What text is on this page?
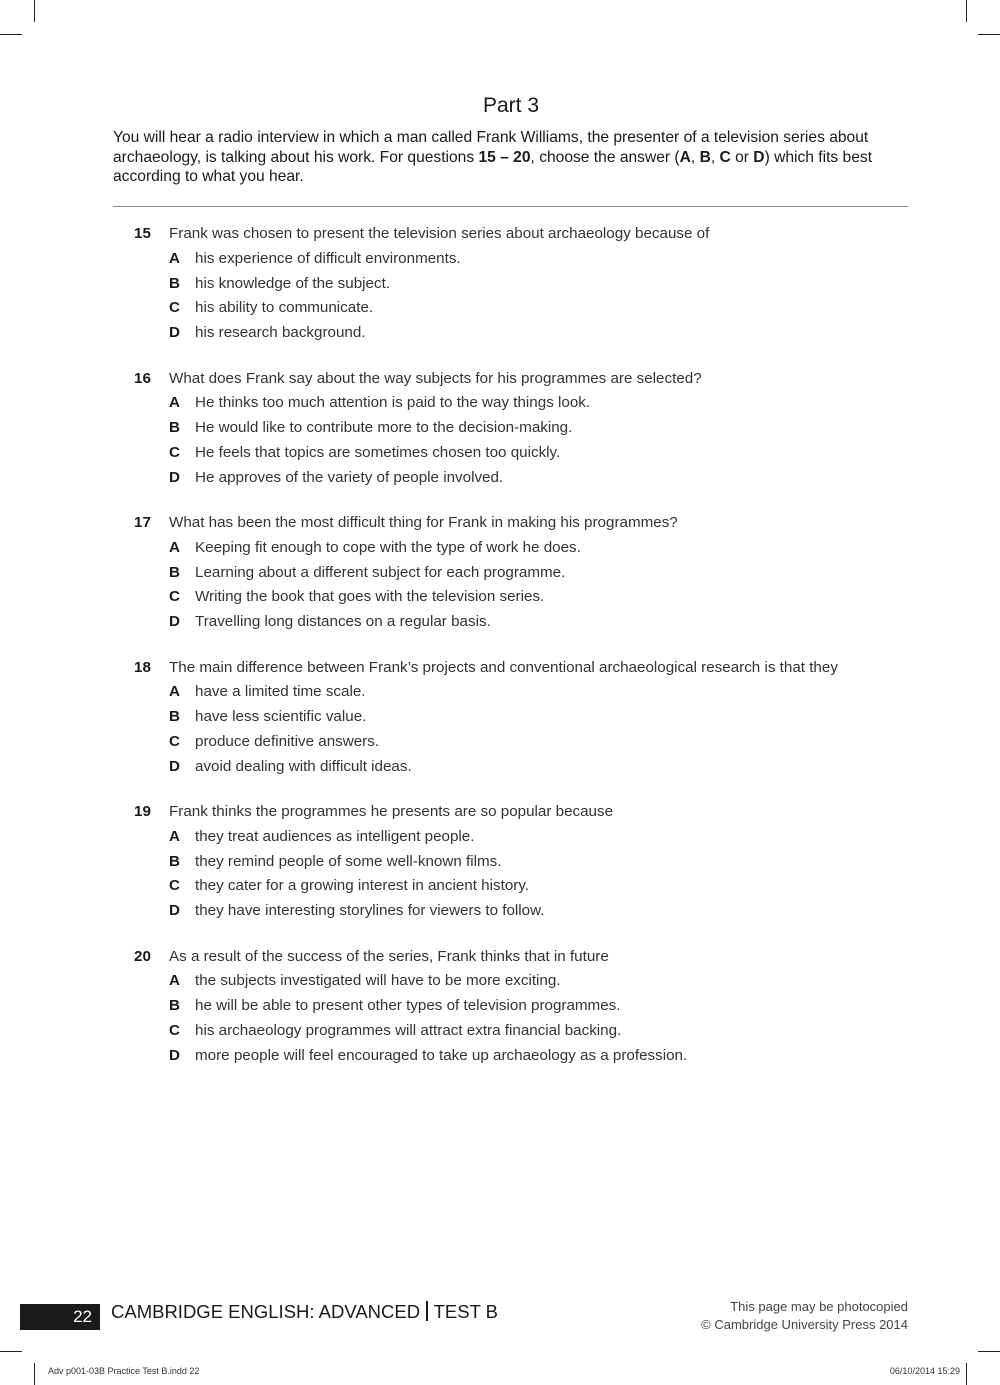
Part 3
You will hear a radio interview in which a man called Frank Williams, the presenter of a television series about archaeology, is talking about his work. For questions 15 – 20, choose the answer (A, B, C or D) which fits best according to what you hear.
15 Frank was chosen to present the television series about archaeology because of
A his experience of difficult environments.
B his knowledge of the subject.
C his ability to communicate.
D his research background.
16 What does Frank say about the way subjects for his programmes are selected?
A He thinks too much attention is paid to the way things look.
B He would like to contribute more to the decision-making.
C He feels that topics are sometimes chosen too quickly.
D He approves of the variety of people involved.
17 What has been the most difficult thing for Frank in making his programmes?
A Keeping fit enough to cope with the type of work he does.
B Learning about a different subject for each programme.
C Writing the book that goes with the television series.
D Travelling long distances on a regular basis.
18 The main difference between Frank’s projects and conventional archaeological research is that they
A have a limited time scale.
B have less scientific value.
C produce definitive answers.
D avoid dealing with difficult ideas.
19 Frank thinks the programmes he presents are so popular because
A they treat audiences as intelligent people.
B they remind people of some well-known films.
C they cater for a growing interest in ancient history.
D they have interesting storylines for viewers to follow.
20 As a result of the success of the series, Frank thinks that in future
A the subjects investigated will have to be more exciting.
B he will be able to present other types of television programmes.
C his archaeology programmes will attract extra financial backing.
D more people will feel encouraged to take up archaeology as a profession.
22	CAMBRIDGE ENGLISH: ADVANCED TEST B	This page may be photocopied
© Cambridge University Press 2014
Adv p001-03B Practice Test B.indd 22	06/10/2014 15:29
